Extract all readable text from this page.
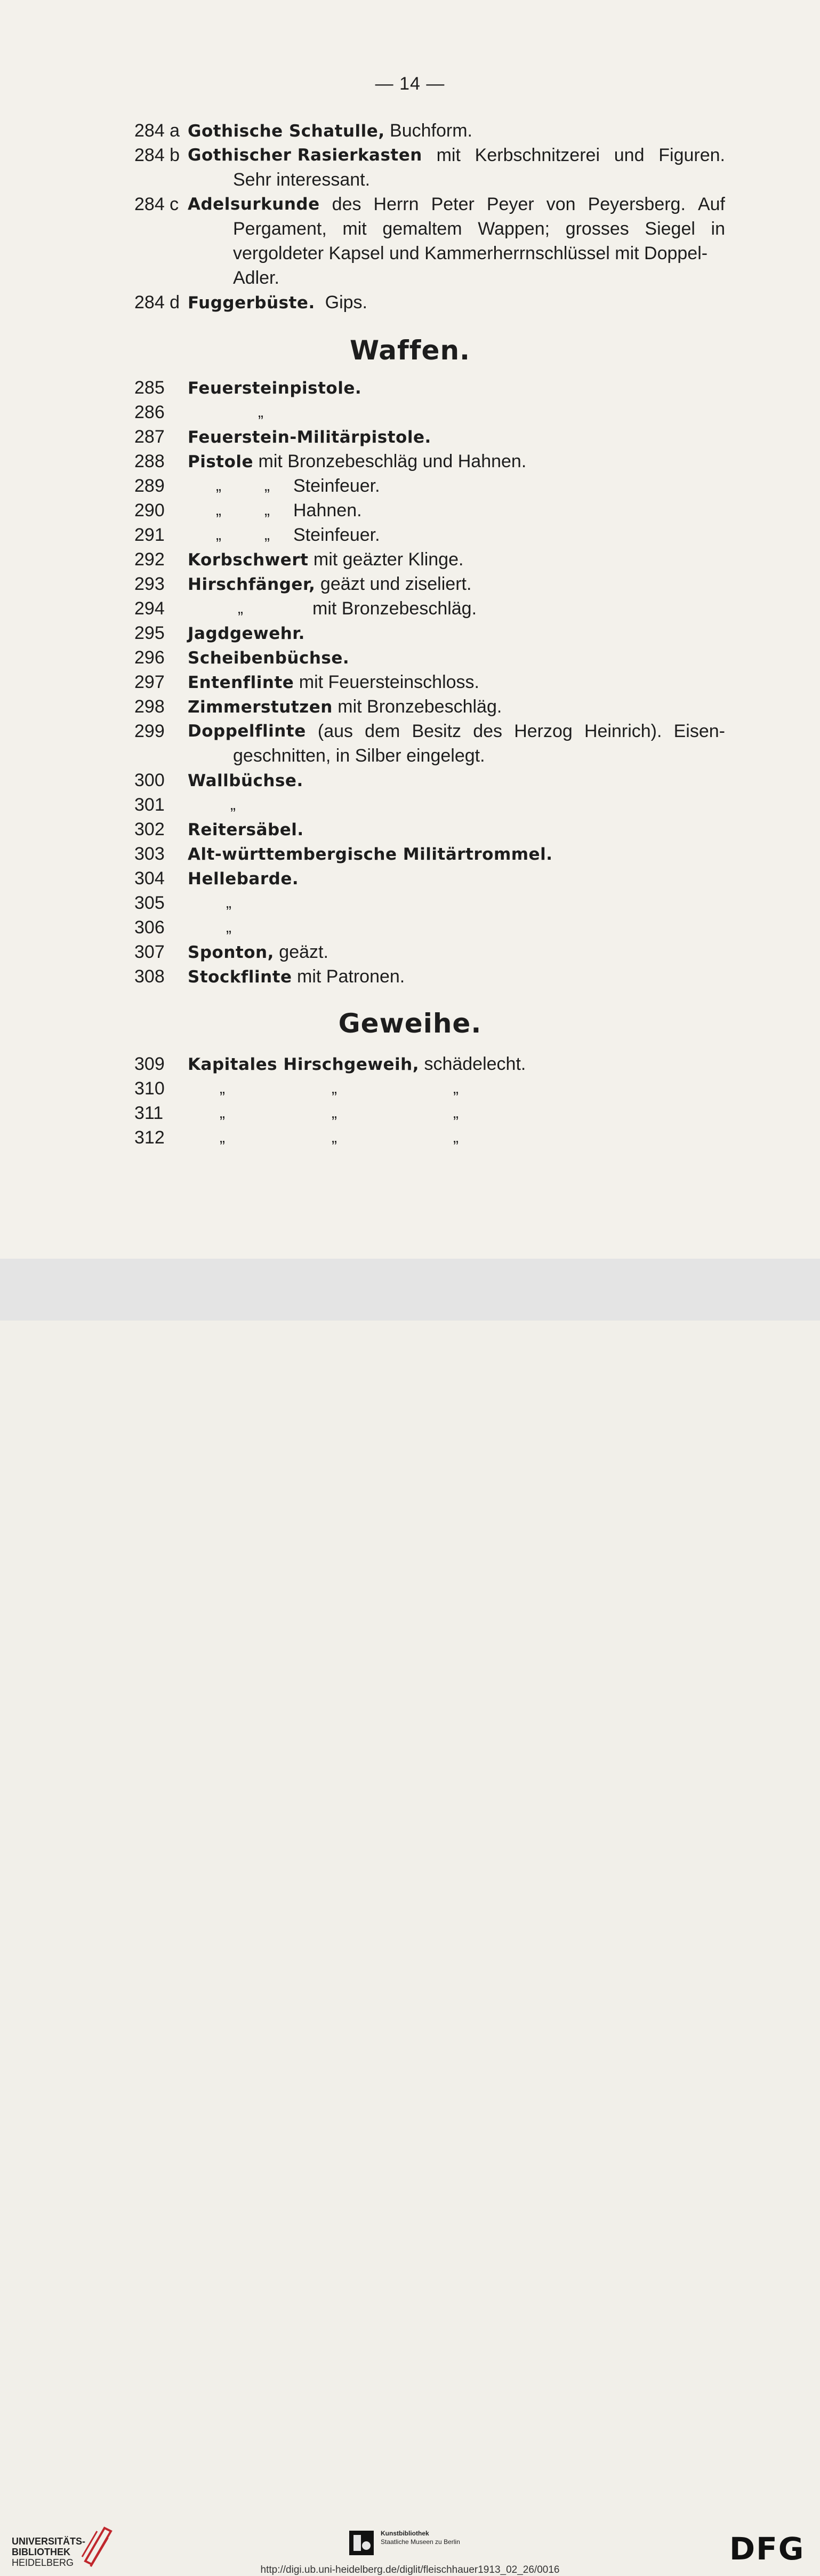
— 14 —
284 a Gothische Schatulle, Buchform.
284 b Gothischer Rasierkasten mit Kerbschnitzerei und Figuren.
Sehr interessant.
284 c Adelsurkunde des Herrn Peter Peyer von Peyersberg. Auf
Pergament, mit gemaltem Wappen; grosses Siegel in
vergoldeter Kapsel und Kammerherrnschlüssel mit Doppel-
Adler.
284 d Fuggerbüste.  Gips.
Waffen.
285	Feuersteinpistole.
286	„
287	Feuerstein-Militärpistole.
288	Pistole mit Bronzebeschläg und Hahnen.
289	„	„ Steinfeuer.
290	„	„ Hahnen.
291	„	„ Steinfeuer.
292	Korbschwert mit geäzter Klinge.
293	Hirschfänger, geäzt und ziseliert.
294	„	mit Bronzebeschläg.
295	Jagdgewehr.
296	Scheibenbüchse.
297	Entenflinte mit Feuersteinschloss.
298	Zimmerstutzen mit Bronzebeschläg.
299	Doppelflinte (aus dem Besitz des Herzog Heinrich). Eisen-
geschnitten, in Silber eingelegt.
300	Wallbüchse.
301	„
302	Reitersäbel.
303	Alt-württembergische Militärtrommel.
304	Hellebarde.
305	„
306	„
307	Sponton, geäzt.
308	Stockflinte mit Patronen.
Geweihe.
309	Kapitales Hirschgeweih, schädelecht.
310	„	„	„
311	„	„	„
312	„	„	„
UNIVERSITÄTS-
BIBLIOTHEK
HEIDELBERG
Kunstbibliothek
Staatliche Museen zu Berlin	DFG
http://digi.ub.uni-heidelberg.de/diglit/fleischhauer1913_02_26/0016
